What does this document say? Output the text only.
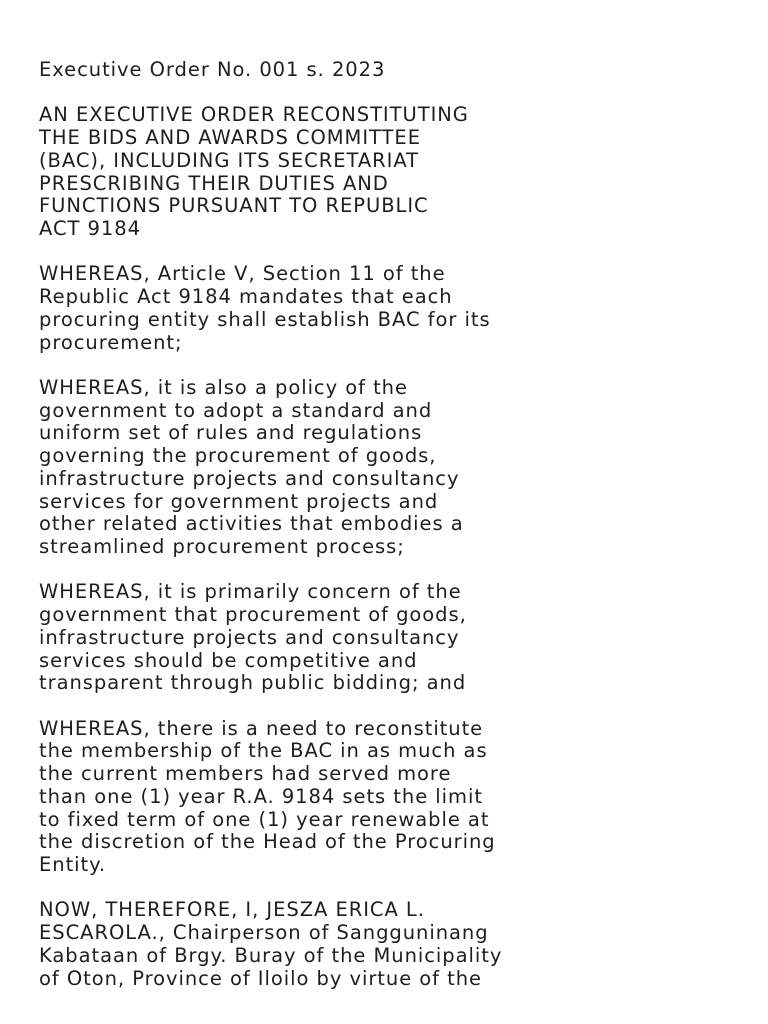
Executive Order No. 001 s. 2023

AN EXECUTIVE ORDER RECONSTITUTING
THE BIDS AND AWARDS COMMITTEE
(BAC), INCLUDING ITS SECRETARIAT
PRESCRIBING THEIR DUTIES AND
FUNCTIONS PURSUANT TO REPUBLIC
ACT 9184

WHEREAS, Article V, Section 11 of the
Republic Act 9184 mandates that each
procuring entity shall establish BAC for its
procurement;

WHEREAS, it is also a policy of the
government to adopt a standard and
uniform set of rules and regulations
governing the procurement of goods,
infrastructure projects and consultancy
services for government projects and
other related activities that embodies a
streamlined procurement process;

WHEREAS, it is primarily concern of the
government that procurement of goods,
infrastructure projects and consultancy
services should be competitive and
transparent through public bidding; and

WHEREAS, there is a need to reconstitute
the membership of the BAC in as much as
the current members had served more
than one (1) year R.A. 9184 sets the limit
to fixed term of one (1) year renewable at
the discretion of the Head of the Procuring
Entity.

NOW, THEREFORE, I, JESZA ERICA L.
ESCAROLA., Chairperson of Sangguninang
Kabataan of Brgy. Buray of the Municipality
of Oton, Province of Iloilo by virtue of the
